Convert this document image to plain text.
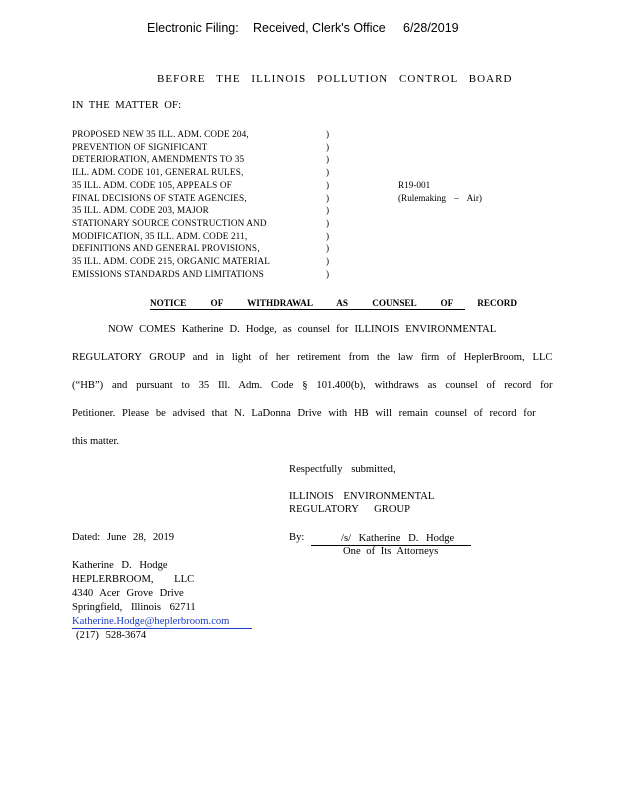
Electronic Filing: Received, Clerk's Office 6/28/2019
BEFORE THE ILLINOIS POLLUTION CONTROL BOARD
IN THE MATTER OF:
PROPOSED NEW 35 ILL. ADM. CODE 204,
PREVENTION OF SIGNIFICANT
DETERIORATION, AMENDMENTS TO 35
ILL. ADM. CODE 101, GENERAL RULES,
35 ILL. ADM. CODE 105, APPEALS OF
FINAL DECISIONS OF STATE AGENCIES,
35 ILL. ADM. CODE 203, MAJOR
STATIONARY SOURCE CONSTRUCTION AND
MODIFICATION, 35 ILL. ADM. CODE 211,
DEFINITIONS AND GENERAL PROVISIONS,
35 ILL. ADM. CODE 215, ORGANIC MATERIAL
EMISSIONS STANDARDS AND LIMITATIONS
)
)
)
)
)
)
)
)
)
)
)
)
R19-001
(Rulemaking – Air)
NOTICE OF WITHDRAWAL AS COUNSEL OF RECORD
NOW COMES Katherine D. Hodge, as counsel for ILLINOIS ENVIRONMENTAL
REGULATORY GROUP and in light of her retirement from the law firm of HeplerBroom, LLC
(“HB”) and pursuant to 35 Ill. Adm. Code § 101.400(b), withdraws as counsel of record for
Petitioner. Please be advised that N. LaDonna Drive with HB will remain counsel of record for
this matter.
Respectfully submitted,
ILLINOIS ENVIRONMENTAL
REGULATORY GROUP
Dated: June 28, 2019	By:	/s/ Katherine D. Hodge
One of Its Attorneys
Katherine D. Hodge
HEPLERBROOM, LLC
4340 Acer Grove Drive
Springfield, Illinois 62711
Katherine.Hodge@heplerbroom.com
(217) 528-3674
